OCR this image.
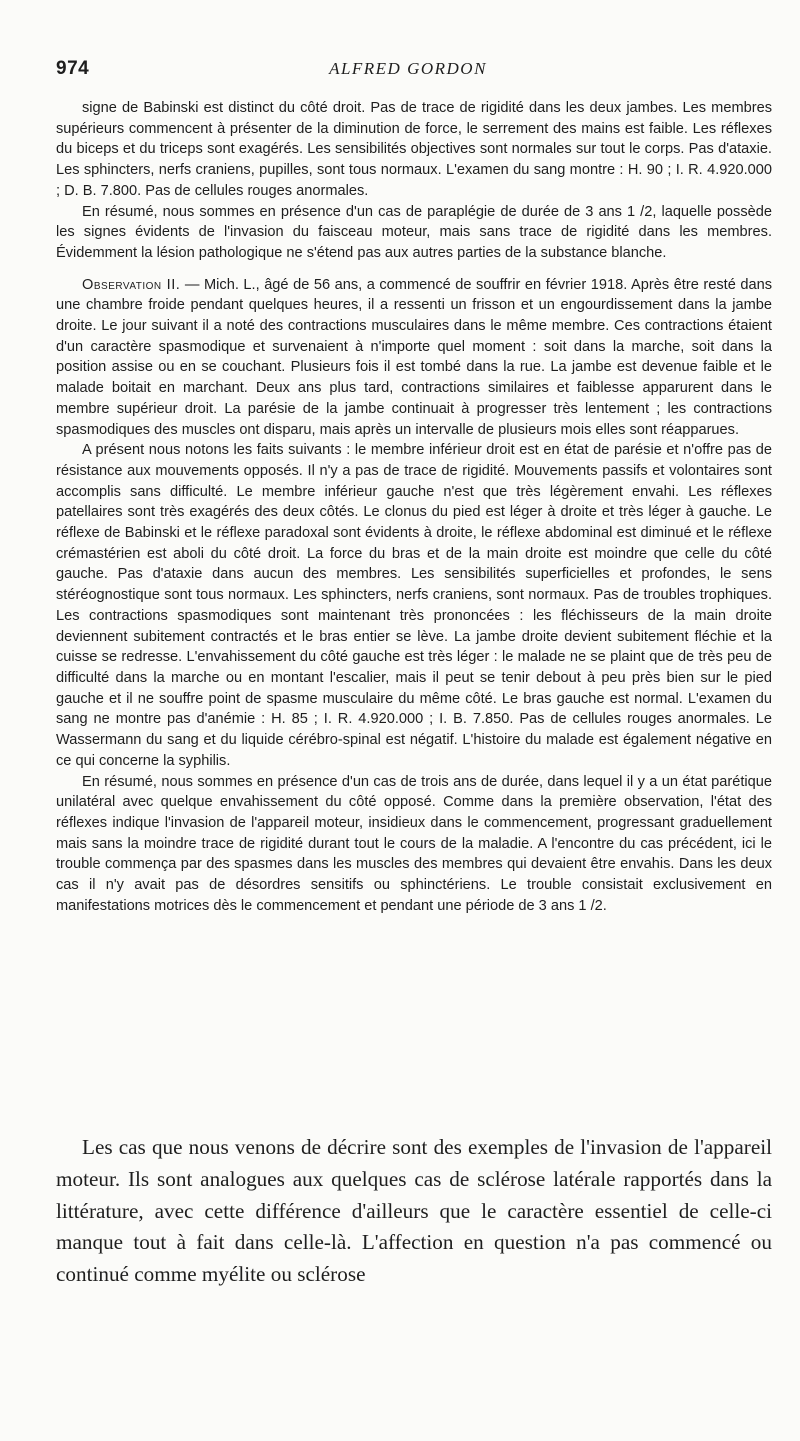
974	ALFRED GORDON

signe de Babinski est distinct du côté droit. Pas de trace de rigidité dans les deux jambes. Les membres supérieurs commencent à présenter de la diminution de force, le serrement des mains est faible. Les réflexes du biceps et du triceps sont exagérés. Les sensibilités objectives sont normales sur tout le corps. Pas d'ataxie. Les sphincters, nerfs craniens, pupilles, sont tous normaux. L'examen du sang montre : H. 90 ; I. R. 4.920.000 ; D. B. 7.800. Pas de cellules rouges anormales.

En résumé, nous sommes en présence d'un cas de paraplégie de durée de 3 ans 1 /2, laquelle possède les signes évidents de l'invasion du faisceau moteur, mais sans trace de rigidité dans les membres. Évidemment la lésion pathologique ne s'étend pas aux autres parties de la substance blanche.

Observation II. — Mich. L., âgé de 56 ans, a commencé de souffrir en février 1918. Après être resté dans une chambre froide pendant quelques heures, il a ressenti un frisson et un engourdissement dans la jambe droite. Le jour suivant il a noté des contractions musculaires dans le même membre. Ces contractions étaient d'un caractère spasmodique et survenaient à n'importe quel moment : soit dans la marche, soit dans la position assise ou en se couchant. Plusieurs fois il est tombé dans la rue. La jambe est devenue faible et le malade boitait en marchant. Deux ans plus tard, contractions similaires et faiblesse apparurent dans le membre supérieur droit. La parésie de la jambe continuait à progresser très lentement ; les contractions spasmodiques des muscles ont disparu, mais après un intervalle de plusieurs mois elles sont réapparues.

A présent nous notons les faits suivants : le membre inférieur droit est en état de parésie et n'offre pas de résistance aux mouvements opposés. Il n'y a pas de trace de rigidité. Mouvements passifs et volontaires sont accomplis sans difficulté. Le membre inférieur gauche n'est que très légèrement envahi. Les réflexes patellaires sont très exagérés des deux côtés. Le clonus du pied est léger à droite et très léger à gauche. Le réflexe de Babinski et le réflexe paradoxal sont évidents à droite, le réflexe abdominal est diminué et le réflexe crémastérien est aboli du côté droit. La force du bras et de la main droite est moindre que celle du côté gauche. Pas d'ataxie dans aucun des membres. Les sensibilités superficielles et profondes, le sens stéréognostique sont tous normaux. Les sphincters, nerfs craniens, sont normaux. Pas de troubles trophiques. Les contractions spasmodiques sont maintenant très prononcées : les fléchisseurs de la main droite deviennent subitement contractés et le bras entier se lève. La jambe droite devient subitement fléchie et la cuisse se redresse. L'envahissement du côté gauche est très léger : le malade ne se plaint que de très peu de difficulté dans la marche ou en montant l'escalier, mais il peut se tenir debout à peu près bien sur le pied gauche et il ne souffre point de spasme musculaire du même côté. Le bras gauche est normal. L'examen du sang ne montre pas d'anémie : H. 85 ; I. R. 4.920.000 ; I. B. 7.850. Pas de cellules rouges anormales. Le Wassermann du sang et du liquide cérébro-spinal est négatif. L'histoire du malade est également négative en ce qui concerne la syphilis.

En résumé, nous sommes en présence d'un cas de trois ans de durée, dans lequel il y a un état parétique unilatéral avec quelque envahissement du côté opposé. Comme dans la première observation, l'état des réflexes indique l'invasion de l'appareil moteur, insidieux dans le commencement, progressant graduellement mais sans la moindre trace de rigidité durant tout le cours de la maladie. A l'encontre du cas précédent, ici le trouble commença par des spasmes dans les muscles des membres qui devaient être envahis. Dans les deux cas il n'y avait pas de désordres sensitifs ou sphinctériens. Le trouble consistait exclusivement en manifestations motrices dès le commencement et pendant une période de 3 ans 1 /2.

Les cas que nous venons de décrire sont des exemples de l'invasion de l'appareil moteur. Ils sont analogues aux quelques cas de sclérose latérale rapportés dans la littérature, avec cette différence d'ailleurs que le caractère essentiel de celle-ci manque tout à fait dans celle-là. L'affection en question n'a pas commencé ou continué comme myélite ou sclérose
